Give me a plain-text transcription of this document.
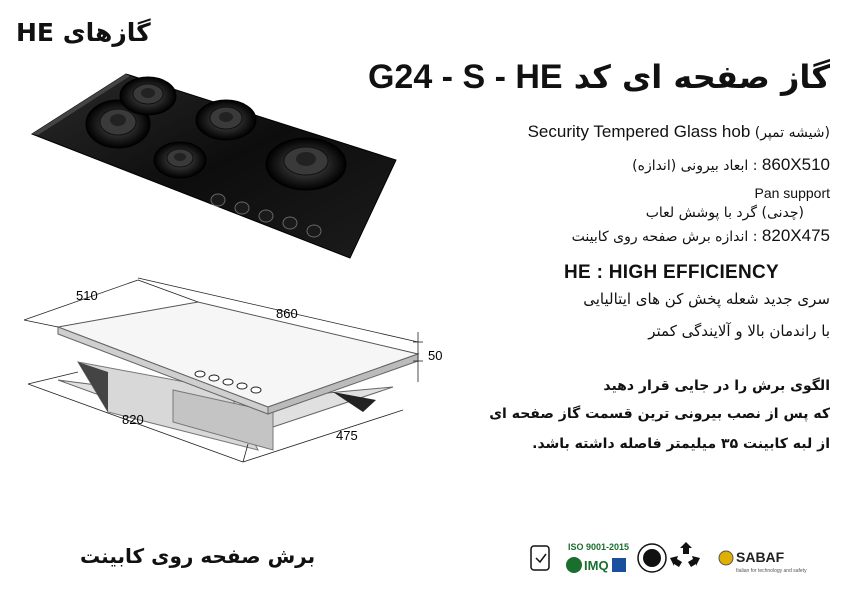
گازهای HE
گاز صفحه ای کد G24 - S - HE
(شیشه تمپر) Security Tempered Glass hob
860X510 : ابعاد بیرونی (اندازه)
Pan support
(چدنی) گرد با پوشش لعاب
820X475 : اندازه برش صفحه روی کابینت
HE : HIGH EFFICIENCY
سری جدید شعله پخش کن های ایتالیایی
با راندمان بالا و آلایندگی کمتر
الگوی برش را در جایی قرار دهید
که پس از نصب بیرونی ترین قسمت گاز صفحه ای
از لبه کابینت ۳۵ میلیمتر فاصله داشته باشد.
510
860
50
820
475
برش صفحه روی کابینت	ISO 9001-2015
IMQ
SABAF
Italian for technology and safety
